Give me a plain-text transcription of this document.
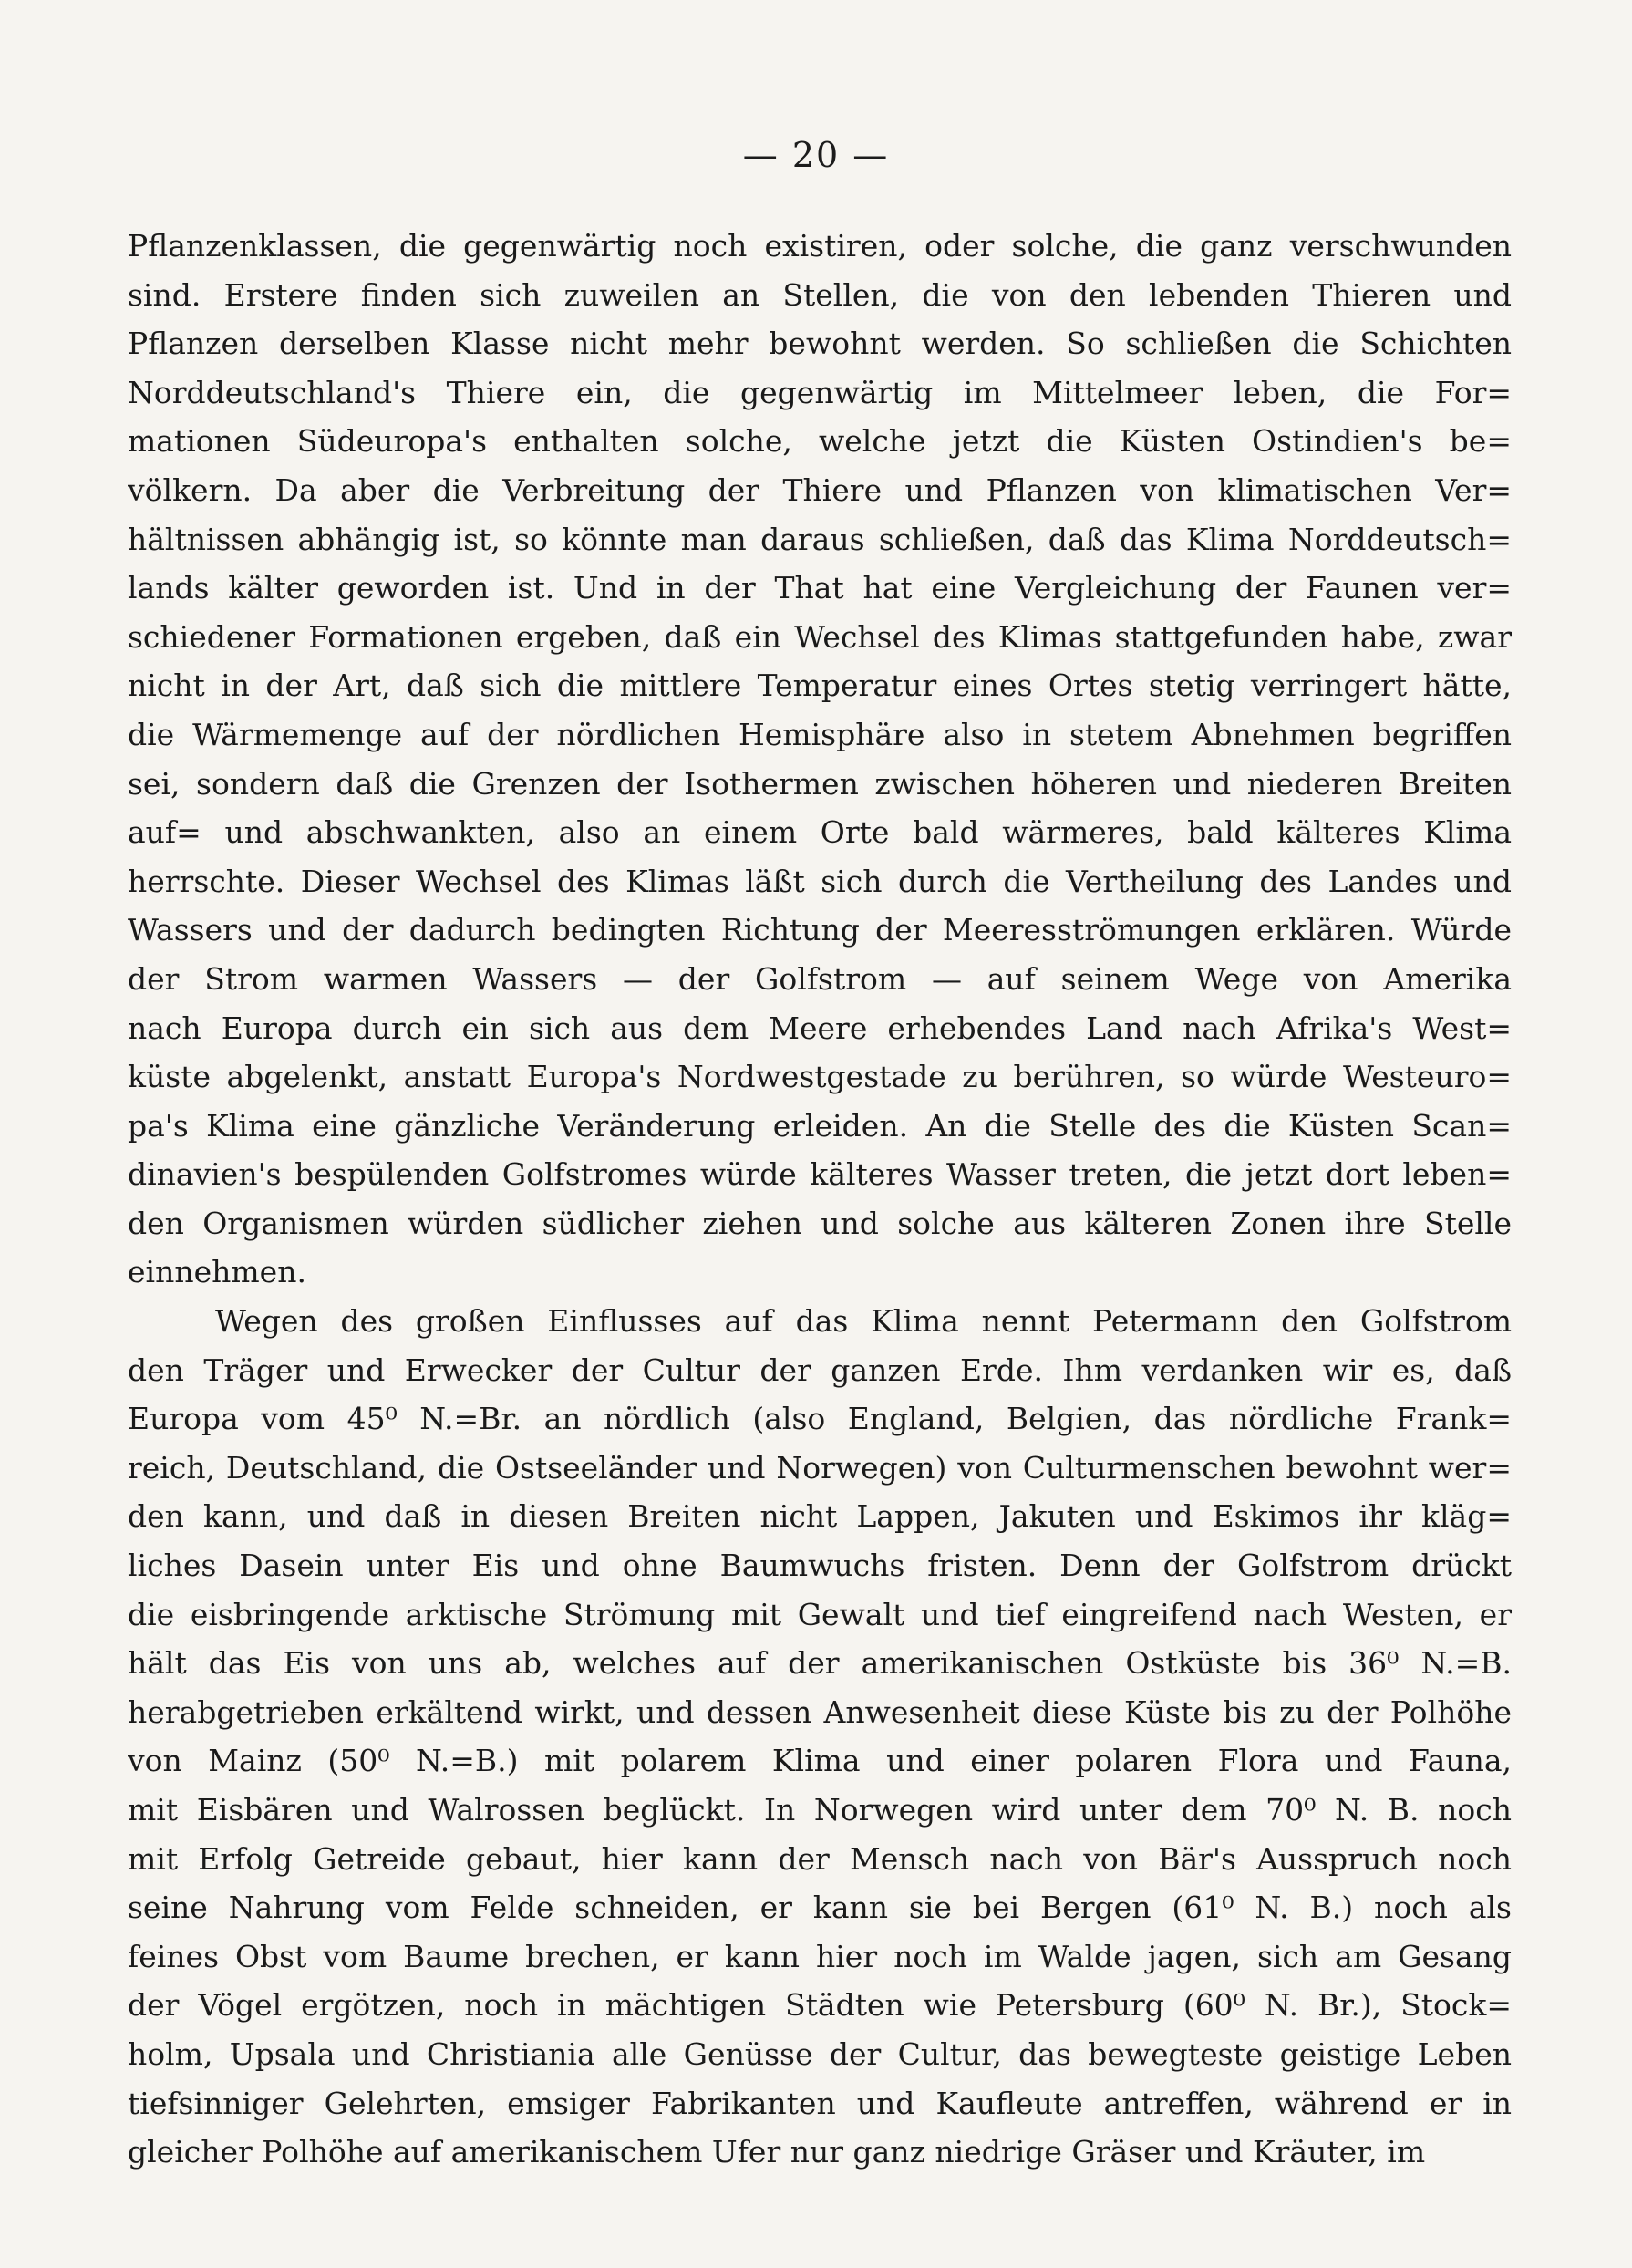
— 20 —
Pflanzenklassen, die gegenwärtig noch existiren, oder solche, die ganz verschwunden
sind. Erstere finden sich zuweilen an Stellen, die von den lebenden Thieren und
Pflanzen derselben Klasse nicht mehr bewohnt werden. So schließen die Schichten
Norddeutschland's Thiere ein, die gegenwärtig im Mittelmeer leben, die For=
mationen Südeuropa's enthalten solche, welche jetzt die Küsten Ostindien's be=
völkern. Da aber die Verbreitung der Thiere und Pflanzen von klimatischen Ver=
hältnissen abhängig ist, so könnte man daraus schließen, daß das Klima Norddeutsch=
lands kälter geworden ist. Und in der That hat eine Vergleichung der Faunen ver=
schiedener Formationen ergeben, daß ein Wechsel des Klimas stattgefunden habe, zwar
nicht in der Art, daß sich die mittlere Temperatur eines Ortes stetig verringert hätte,
die Wärmemenge auf der nördlichen Hemisphäre also in stetem Abnehmen begriffen
sei, sondern daß die Grenzen der Isothermen zwischen höheren und niederen Breiten
auf= und abschwankten, also an einem Orte bald wärmeres, bald kälteres Klima
herrschte. Dieser Wechsel des Klimas läßt sich durch die Vertheilung des Landes und
Wassers und der dadurch bedingten Richtung der Meeresströmungen erklären. Würde
der Strom warmen Wassers — der Golfstrom — auf seinem Wege von Amerika
nach Europa durch ein sich aus dem Meere erhebendes Land nach Afrika's West=
küste abgelenkt, anstatt Europa's Nordwestgestade zu berühren, so würde Westeuro=
pa's Klima eine gänzliche Veränderung erleiden. An die Stelle des die Küsten Scan=
dinavien's bespülenden Golfstromes würde kälteres Wasser treten, die jetzt dort leben=
den Organismen würden südlicher ziehen und solche aus kälteren Zonen ihre Stelle
einnehmen.
Wegen des großen Einflusses auf das Klima nennt Petermann den Golfstrom
den Träger und Erwecker der Cultur der ganzen Erde. Ihm verdanken wir es, daß
Europa vom 45⁰ N.=Br. an nördlich (also England, Belgien, das nördliche Frank=
reich, Deutschland, die Ostseeländer und Norwegen) von Culturmenschen bewohnt wer=
den kann, und daß in diesen Breiten nicht Lappen, Jakuten und Eskimos ihr kläg=
liches Dasein unter Eis und ohne Baumwuchs fristen. Denn der Golfstrom drückt
die eisbringende arktische Strömung mit Gewalt und tief eingreifend nach Westen, er
hält das Eis von uns ab, welches auf der amerikanischen Ostküste bis 36⁰ N.=B.
herabgetrieben erkältend wirkt, und dessen Anwesenheit diese Küste bis zu der Polhöhe
von Mainz (50⁰ N.=B.) mit polarem Klima und einer polaren Flora und Fauna,
mit Eisbären und Walrossen beglückt. In Norwegen wird unter dem 70⁰ N. B. noch
mit Erfolg Getreide gebaut, hier kann der Mensch nach von Bär's Ausspruch noch
seine Nahrung vom Felde schneiden, er kann sie bei Bergen (61⁰ N. B.) noch als
feines Obst vom Baume brechen, er kann hier noch im Walde jagen, sich am Gesang
der Vögel ergötzen, noch in mächtigen Städten wie Petersburg (60⁰ N. Br.), Stock=
holm, Upsala und Christiania alle Genüsse der Cultur, das bewegteste geistige Leben
tiefsinniger Gelehrten, emsiger Fabrikanten und Kaufleute antreffen, während er in
gleicher Polhöhe auf amerikanischem Ufer nur ganz niedrige Gräser und Kräuter, im
